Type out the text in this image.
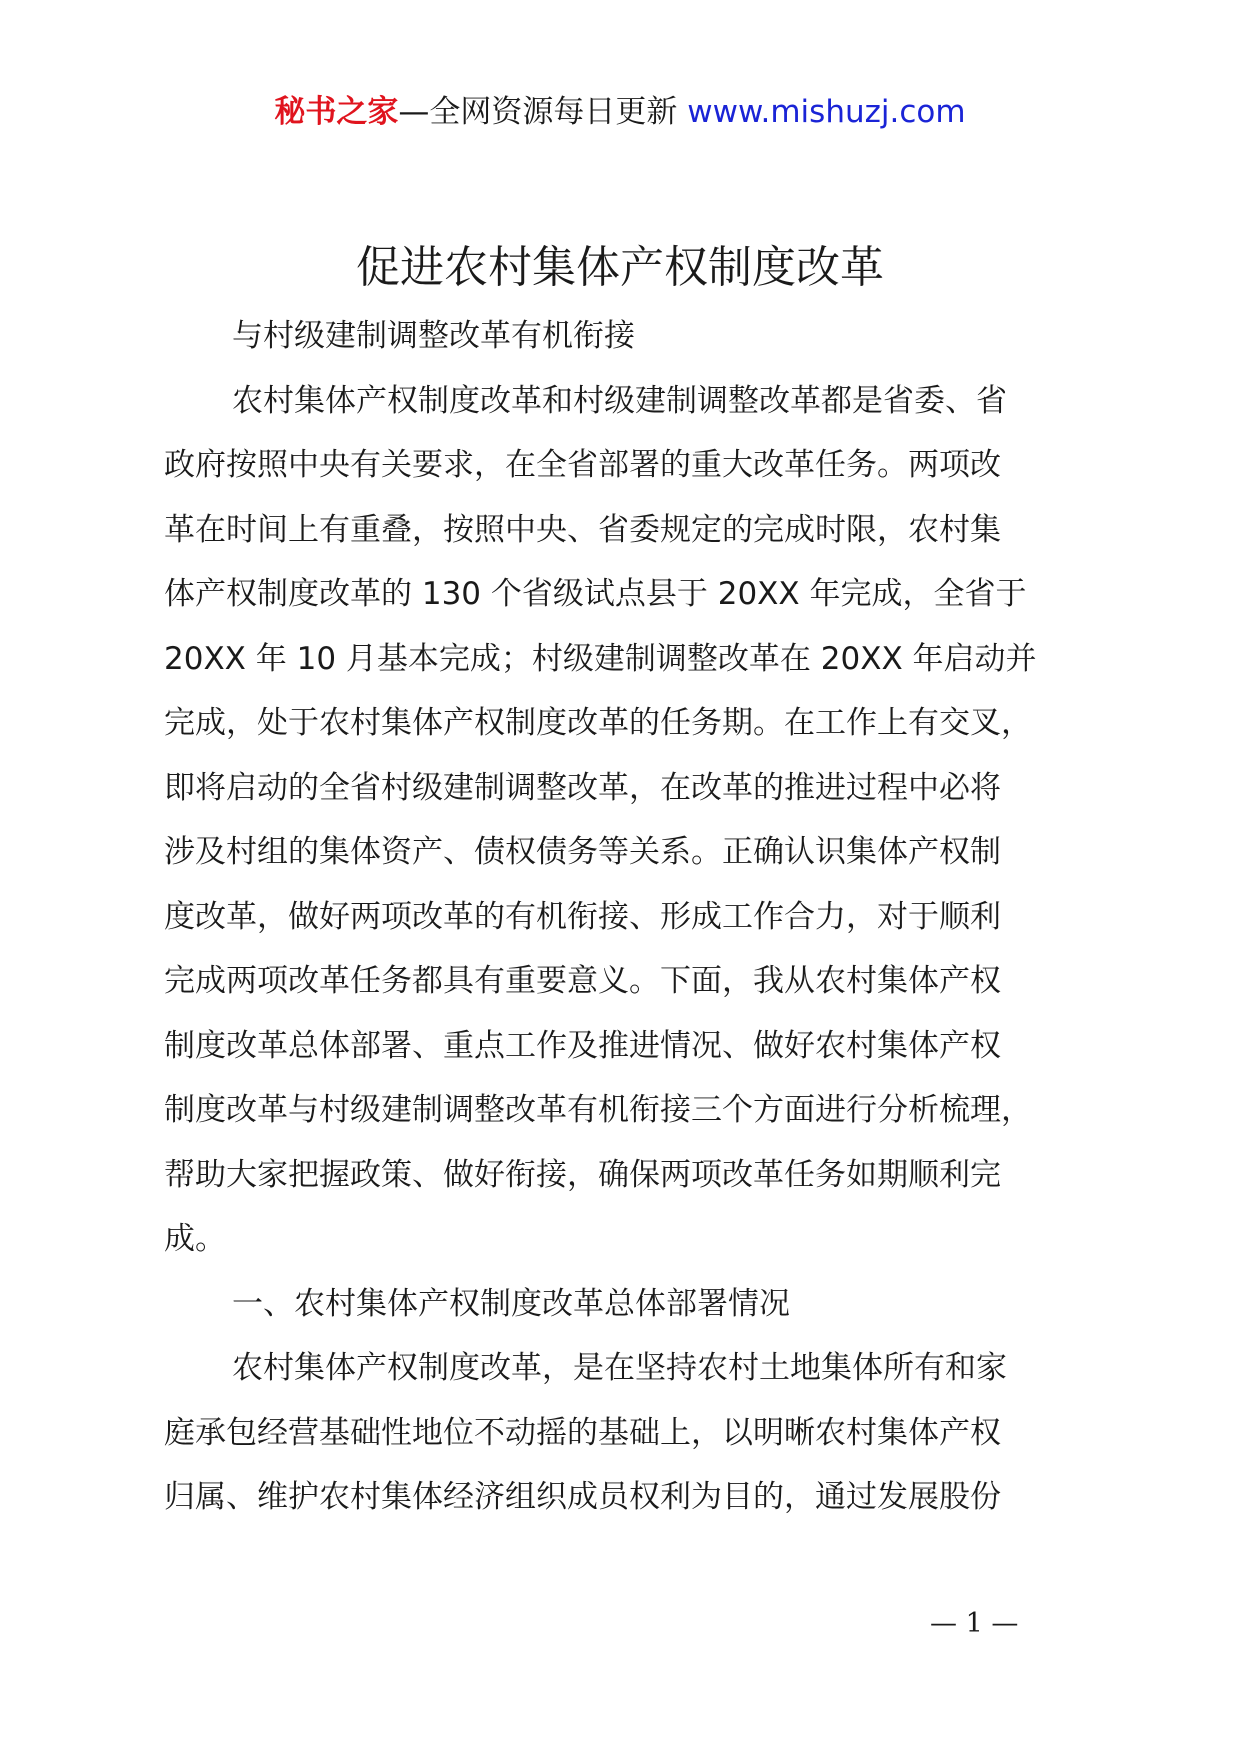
秘书之家—全网资源每日更新 www.mishuzj.com
促进农村集体产权制度改革

与村级建制调整改革有机衔接

农村集体产权制度改革和村级建制调整改革都是省委、省
政府按照中央有关要求，在全省部署的重大改革任务。两项改
革在时间上有重叠，按照中央、省委规定的完成时限，农村集
体产权制度改革的 130 个省级试点县于 20XX 年完成，全省于
20XX 年 10 月基本完成；村级建制调整改革在 20XX 年启动并
完成，处于农村集体产权制度改革的任务期。在工作上有交叉，
即将启动的全省村级建制调整改革，在改革的推进过程中必将
涉及村组的集体资产、债权债务等关系。正确认识集体产权制
度改革，做好两项改革的有机衔接、形成工作合力，对于顺利
完成两项改革任务都具有重要意义。下面，我从农村集体产权
制度改革总体部署、重点工作及推进情况、做好农村集体产权
制度改革与村级建制调整改革有机衔接三个方面进行分析梳理，
帮助大家把握政策、做好衔接，确保两项改革任务如期顺利完
成。

一、农村集体产权制度改革总体部署情况

农村集体产权制度改革，是在坚持农村土地集体所有和家
庭承包经营基础性地位不动摇的基础上，以明晰农村集体产权
归属、维护农村集体经济组织成员权利为目的，通过发展股份

— 1 —
